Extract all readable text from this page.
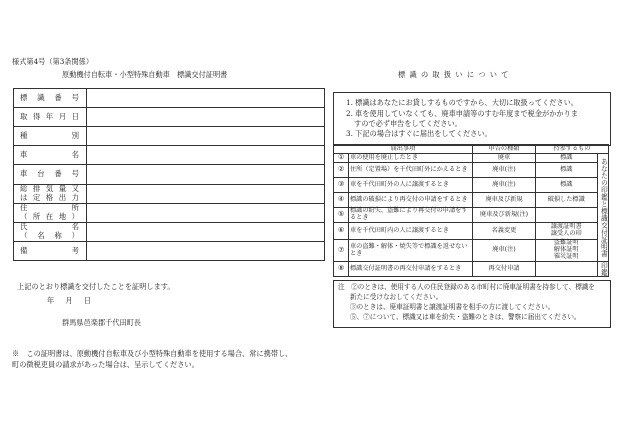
様式第4号（第3条関係）
原動機付自転車・小型特殊自動車　標識交付証明書	標 識 の 取 扱 い に つ い て
標識番号	
取得年月日	
種別	
車名	
車台番号	

総排気量又
は定格出力	

住所
（所在地）	

氏名
（名称）	

備考	
上記のとおり標識を交付したことを証明します。
年　月　日
群馬県邑楽郡千代田町長
※　この証明書は、原動機付自転車及び小型特殊自動車を使用する場合、常に携帯し、
町の徴税吏員の請求があった場合は、呈示してください。
1. 標識はあなたにお貸しするものですから、大切に取扱ってください。
2. 車を使用していなくても、廃車申請等のすむ年度まで税金がかかりま
すので必ず申告をしてください。
3. 下記の場合はすぐに届出をしてください。
届出事項		申告の種類	持参するもの	
①	車の使用を廃止したとき	廃車	標識	あなたの印鑑と標識交付証明書
②	住所（定置場）を千代田町外にかえるとき	廃車(注)	標識	
③	車を千代田町外の人に譲渡するとき	廃車(注)	標識	
④	標識の破損により再交付の申請をするとき	廃車及び新規	破損した標識	
⑤	標識の紛失、盗難により再交付の申請をするとき	廃車及び新規(注)		
⑥	車を千代田町内の人に譲渡するとき	名義変更	譲渡証明書
譲受人の印	
⑦	車の盗難・解体・焼失等で標識を返せないとき	廃車(注)	盗難証明
解体証明
罹災証明	
⑧	標識交付証明書の再交付申請をするとき	再交付申請		印鑑
注　②のときは、使用する人の住民登録のある市町村に廃車証明書を持参して、標識を
新たに受けなおしてください。
③のときは、廃車証明書と譲渡証明書を相手の方に渡してください。
⑤、⑦について、標識又は車を紛失・盗難のときは、警察に届出てください。
